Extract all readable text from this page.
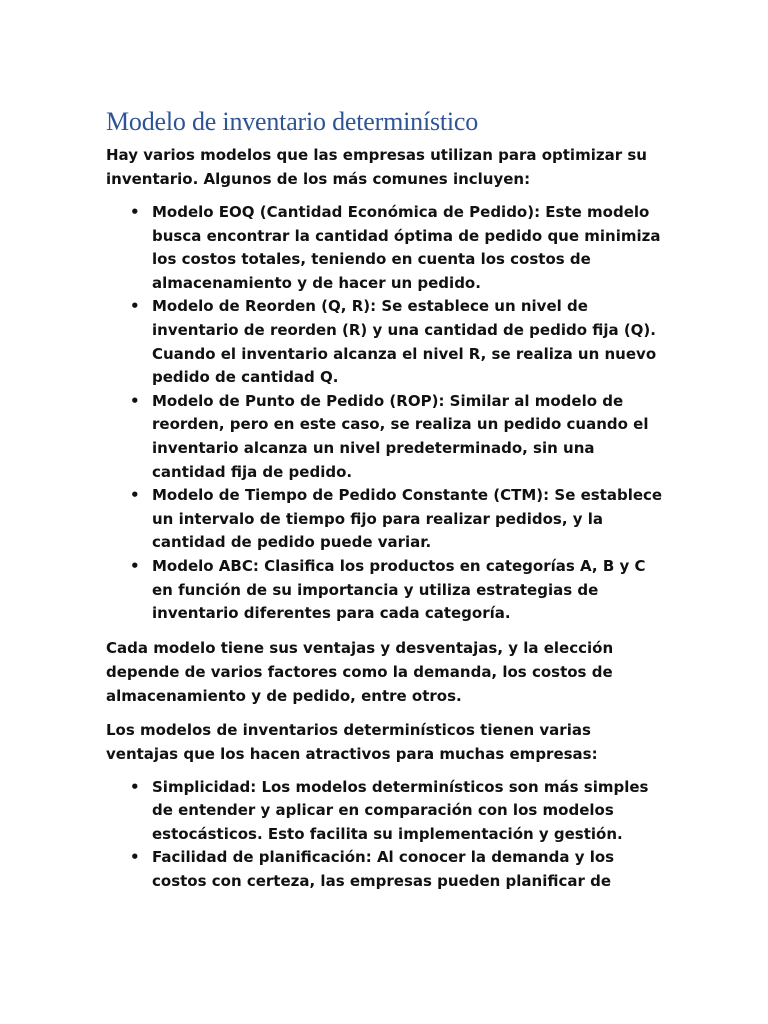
Modelo de inventario determinístico

Hay varios modelos que las empresas utilizan para optimizar su inventario. Algunos de los más comunes incluyen:

• Modelo EOQ (Cantidad Económica de Pedido): Este modelo busca encontrar la cantidad óptima de pedido que minimiza los costos totales, teniendo en cuenta los costos de almacenamiento y de hacer un pedido.
• Modelo de Reorden (Q, R): Se establece un nivel de inventario de reorden (R) y una cantidad de pedido fija (Q). Cuando el inventario alcanza el nivel R, se realiza un nuevo pedido de cantidad Q.
• Modelo de Punto de Pedido (ROP): Similar al modelo de reorden, pero en este caso, se realiza un pedido cuando el inventario alcanza un nivel predeterminado, sin una cantidad fija de pedido.
• Modelo de Tiempo de Pedido Constante (CTM): Se establece un intervalo de tiempo fijo para realizar pedidos, y la cantidad de pedido puede variar.
• Modelo ABC: Clasifica los productos en categorías A, B y C en función de su importancia y utiliza estrategias de inventario diferentes para cada categoría.

Cada modelo tiene sus ventajas y desventajas, y la elección depende de varios factores como la demanda, los costos de almacenamiento y de pedido, entre otros.

Los modelos de inventarios determinísticos tienen varias ventajas que los hacen atractivos para muchas empresas:

• Simplicidad: Los modelos determinísticos son más simples de entender y aplicar en comparación con los modelos estocásticos. Esto facilita su implementación y gestión.
• Facilidad de planificación: Al conocer la demanda y los costos con certeza, las empresas pueden planificar de
